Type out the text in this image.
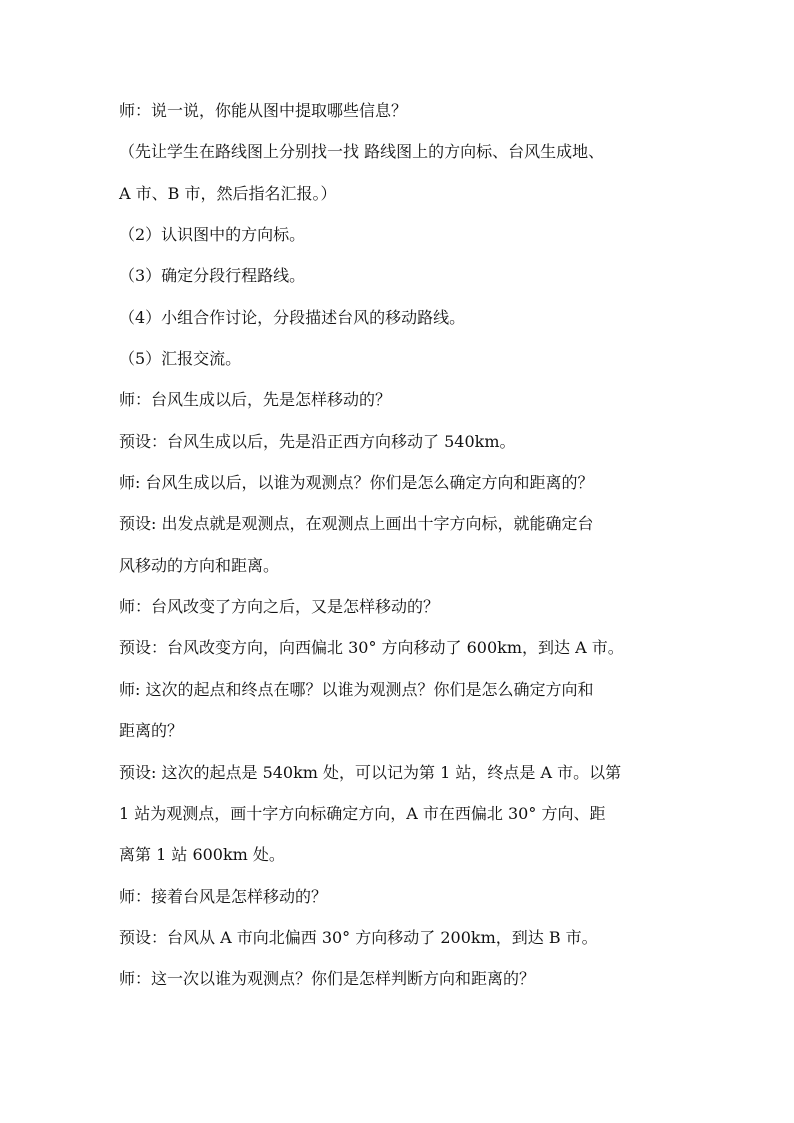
师：说一说，你能从图中提取哪些信息？
（先让学生在路线图上分别找一找 路线图上的方向标、台风生成地、
A 市、B 市，然后指名汇报。）
（2）认识图中的方向标。
（3）确定分段行程路线。
（4）小组合作讨论，分段描述台风的移动路线。
（5）汇报交流。
师：台风生成以后，先是怎样移动的？
预设：台风生成以后，先是沿正西方向移动了 540km。
师: 台风生成以后，以谁为观测点？你们是怎么确定方向和距离的？
预设: 出发点就是观测点，在观测点上画出十字方向标，就能确定台
风移动的方向和距离。
师：台风改变了方向之后，又是怎样移动的？
预设：台风改变方向，向西偏北 30° 方向移动了 600km，到达 A 市。
师: 这次的起点和终点在哪？以谁为观测点？你们是怎么确定方向和
距离的？
预设: 这次的起点是 540km 处，可以记为第 1 站，终点是 A 市。以第
1 站为观测点，画十字方向标确定方向，A 市在西偏北 30° 方向、距
离第 1 站 600km 处。
师：接着台风是怎样移动的？
预设：台风从 A 市向北偏西 30° 方向移动了 200km，到达 B 市。
师：这一次以谁为观测点？你们是怎样判断方向和距离的？
